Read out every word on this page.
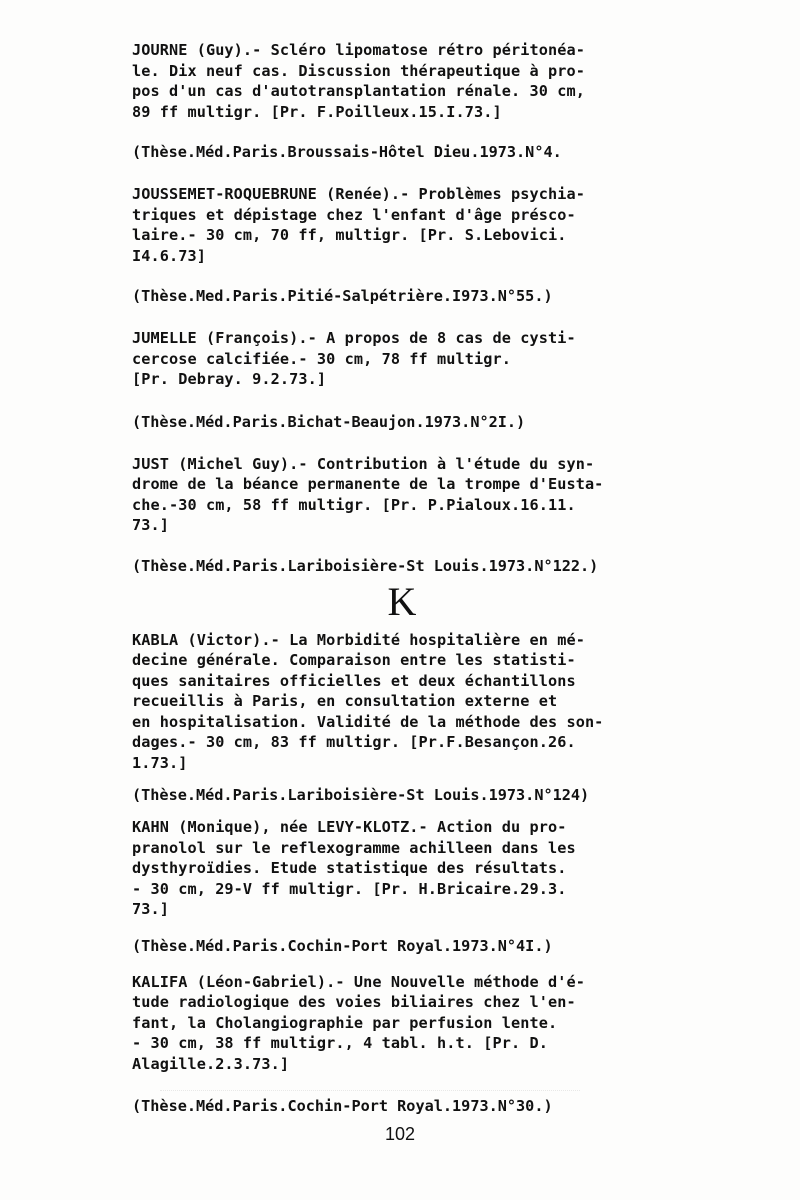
JOURNE (Guy).- Scléro lipomatose rétro péritonéa-
le. Dix neuf cas. Discussion thérapeutique à pro-
pos d'un cas d'autotransplantation rénale. 30 cm,
89 ff multigr. [Pr. F.Poilleux.15.I.73.]
(Thèse.Méd.Paris.Broussais-Hôtel Dieu.1973.N°4.
JOUSSEMET-ROQUEBRUNE (Renée).- Problèmes psychia-
triques et dépistage chez l'enfant d'âge présco-
laire.- 30 cm, 70 ff, multigr. [Pr. S.Lebovici.
I4.6.73]
(Thèse.Med.Paris.Pitié-Salpétrière.I973.N°55.)
JUMELLE (François).- A propos de 8 cas de cysti-
cercose calcifiée.- 30 cm, 78 ff multigr.
[Pr. Debray. 9.2.73.]
(Thèse.Méd.Paris.Bichat-Beaujon.1973.N°2I.)
JUST (Michel Guy).- Contribution à l'étude du syn-
drome de la béance permanente de la trompe d'Eusta-
che.-30 cm, 58 ff multigr. [Pr. P.Pialoux.16.11.
73.]
(Thèse.Méd.Paris.Lariboisière-St Louis.1973.N°122.)
K
KABLA (Victor).- La Morbidité hospitalière en mé-
decine générale. Comparaison entre les statisti-
ques sanitaires officielles et deux échantillons
recueillis à Paris, en consultation externe et
en hospitalisation. Validité de la méthode des son-
dages.- 30 cm, 83 ff multigr. [Pr.F.Besançon.26.
1.73.]
(Thèse.Méd.Paris.Lariboisière-St Louis.1973.N°124)
KAHN (Monique), née LEVY-KLOTZ.- Action du pro-
pranolol sur le reflexogramme achilleen dans les
dysthyroïdies. Etude statistique des résultats.
- 30 cm, 29-V ff multigr. [Pr. H.Bricaire.29.3.
73.]
(Thèse.Méd.Paris.Cochin-Port Royal.1973.N°4I.)
KALIFA (Léon-Gabriel).- Une Nouvelle méthode d'é-
tude radiologique des voies biliaires chez l'en-
fant, la Cholangiographie par perfusion lente.
- 30 cm, 38 ff multigr., 4 tabl. h.t. [Pr. D.
Alagille.2.3.73.]
(Thèse.Méd.Paris.Cochin-Port Royal.1973.N°30.)
102
